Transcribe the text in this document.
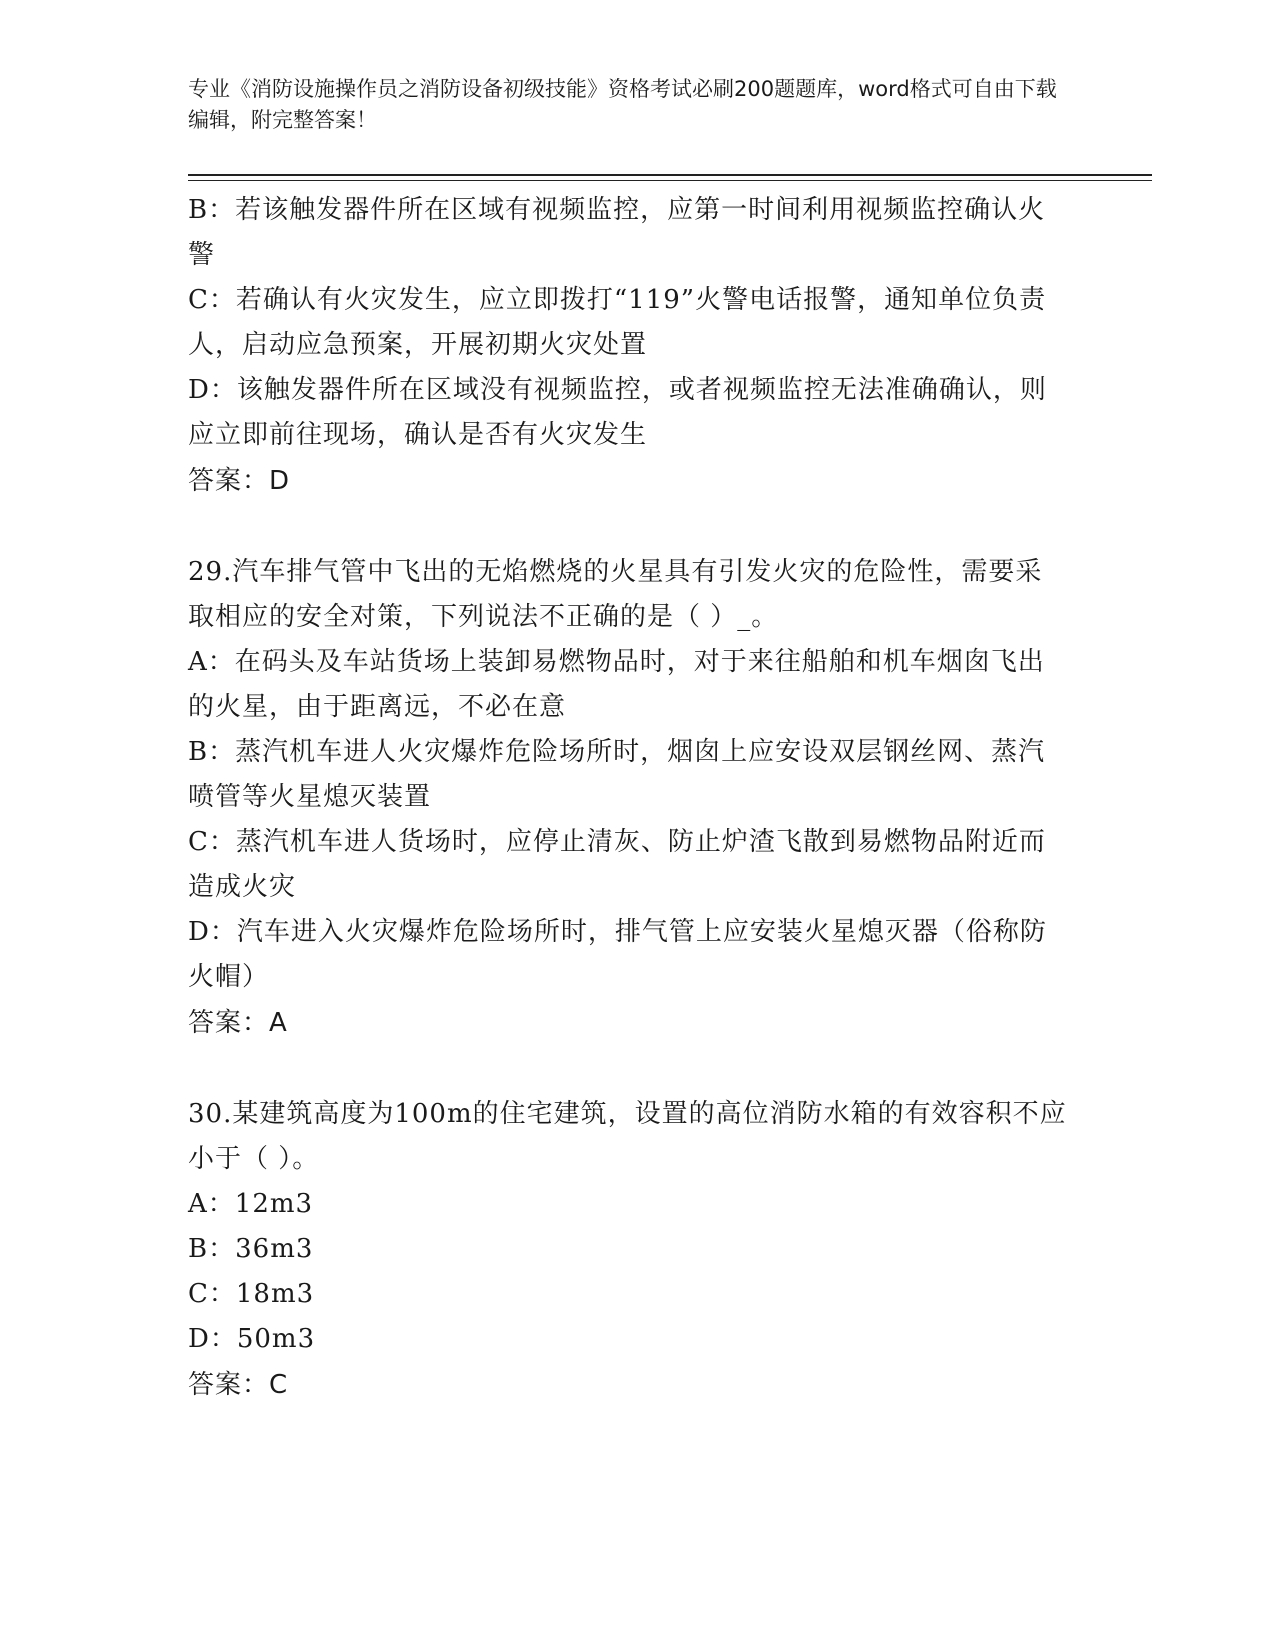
专业《消防设施操作员之消防设备初级技能》资格考试必刷200题题库，word格式可自由下载编辑，附完整答案！
B：若该触发器件所在区域有视频监控，应第一时间利用视频监控确认火警
C：若确认有火灾发生，应立即拨打“119”火警电话报警，通知单位负责人，启动应急预案，开展初期火灾处置
D：该触发器件所在区域没有视频监控，或者视频监控无法准确确认，则应立即前往现场，确认是否有火灾发生
答案：D
29.汽车排气管中飞出的无焰燃烧的火星具有引发火灾的危险性，需要采取相应的安全对策，下列说法不正确的是（ ）_。
A：在码头及车站货场上装卸易燃物品时，对于来往船舶和机车烟囱飞出的火星，由于距离远，不必在意
B：蒸汽机车进人火灾爆炸危险场所时，烟囱上应安设双层钢丝网、蒸汽喷管等火星熄灭装置
C：蒸汽机车进人货场时，应停止清灰、防止炉渣飞散到易燃物品附近而造成火灾
D：汽车进入火灾爆炸危险场所时，排气管上应安装火星熄灭器（俗称防火帽）
答案：A
30.某建筑高度为100m的住宅建筑，设置的高位消防水箱的有效容积不应小于（ ）。
A：12m3
B：36m3
C：18m3
D：50m3
答案：C
